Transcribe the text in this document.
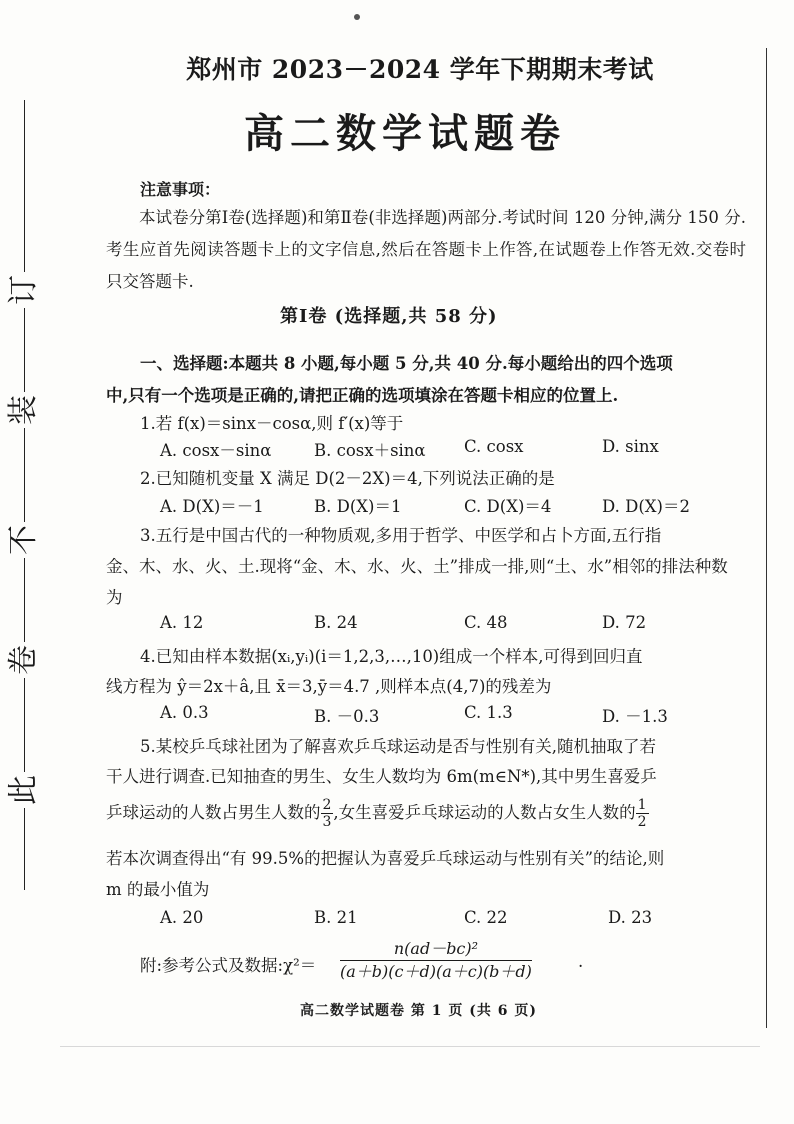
此
卷
不
装
订
郑州市 2023－2024 学年下期期末考试
高二数学试题卷
注意事项：
本试卷分第Ⅰ卷(选择题)和第Ⅱ卷(非选择题)两部分.考试时间 120 分钟,满分 150 分.考生应首先阅读答题卡上的文字信息,然后在答题卡上作答,在试题卷上作答无效.交卷时只交答题卡.
第Ⅰ卷 (选择题,共 58 分)
一、选择题:本题共 8 小题,每小题 5 分,共 40 分.每小题给出的四个选项
中,只有一个选项是正确的,请把正确的选项填涂在答题卡相应的位置上.
1.若 f(x)＝sinx－cosα,则 f′(x)等于
A. cosx－sinα	B. cosx＋sinα C. cosx	D. sinx
2.已知随机变量 X 满足 D(2－2X)＝4,下列说法正确的是
A. D(X)＝－1	B. D(X)＝1	C. D(X)＝4	D. D(X)＝2
3.五行是中国古代的一种物质观,多用于哲学、中医学和占卜方面,五行指
金、木、水、火、土.现将“金、木、水、火、土”排成一排,则“土、水”相邻的排法种数
为
A. 12	B. 24	C. 48	D. 72
4.已知由样本数据(xᵢ,yᵢ)(i＝1,2,3,…,10)组成一个样本,可得到回归直
线方程为 ŷ＝2x＋â,且 x̄＝3,ȳ＝4.7 ,则样本点(4,7)的残差为
A. 0.3	B. －0.3	C. 1.3	D. －1.3
5.某校乒乓球社团为了解喜欢乒乓球运动是否与性别有关,随机抽取了若
干人进行调查.已知抽查的男生、女生人数均为 6m(m∈N*),其中男生喜爱乒
乒球运动的人数占男生人数的 $\frac{2}{3}$ ,女生喜爱乒乓球运动的人数占女生人数的 $\frac{1}{2}$
若本次调查得出“有 99.5%的把握认为喜爱乒乓球运动与性别有关”的结论,则
m 的最小值为
A. 20	B. 21	C. 22	D. 23
附:参考公式及数据:χ²＝ $\frac{\text{n(ad－bc)²}}{(a+b)(c+d)(a+c)(b+d)}$	.
高二数学试题卷 第 1 页 (共 6 页)
